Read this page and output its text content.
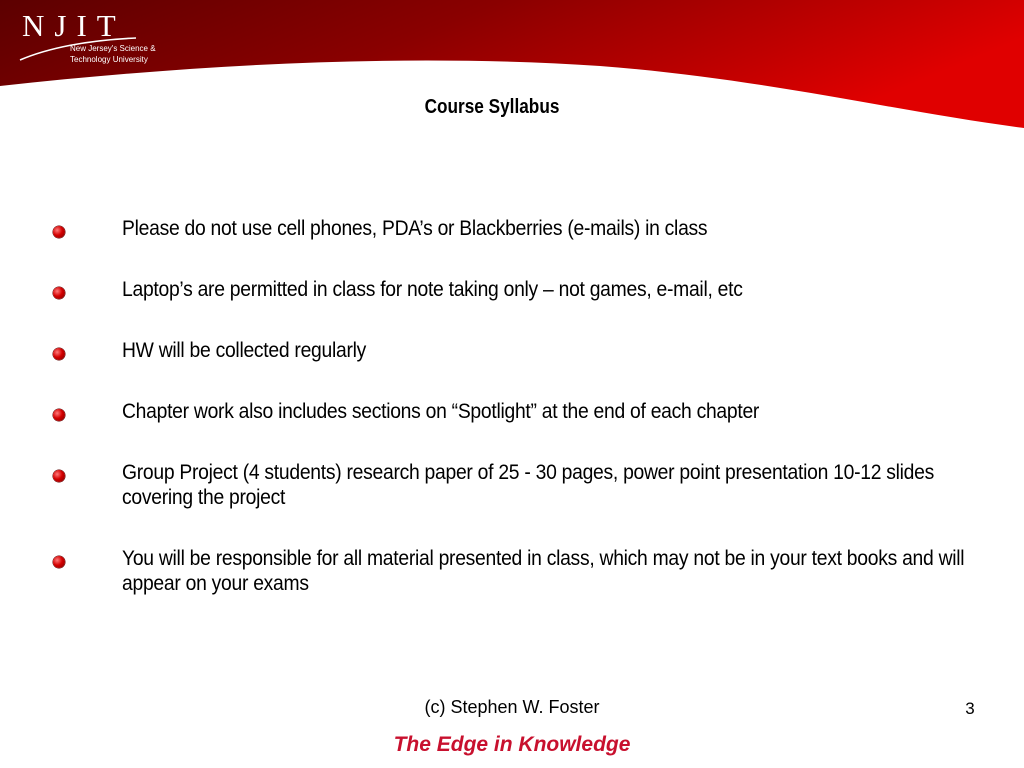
NJIT
New Jersey's Science & Technology University
Course Syllabus
Please do not use cell phones, PDA’s or Blackberries (e-mails) in class
Laptop’s are permitted in class for note taking only – not games, e-mail, etc
HW will be collected regularly
Chapter work also includes sections on “Spotlight” at the end of each chapter
Group Project (4 students) research paper of 25 - 30 pages, power point presentation 10-12 slides covering the project
You will be responsible for all material presented in class, which may not be in your text books and will appear on your exams
(c) Stephen W. Foster	3
The Edge in Knowledge
